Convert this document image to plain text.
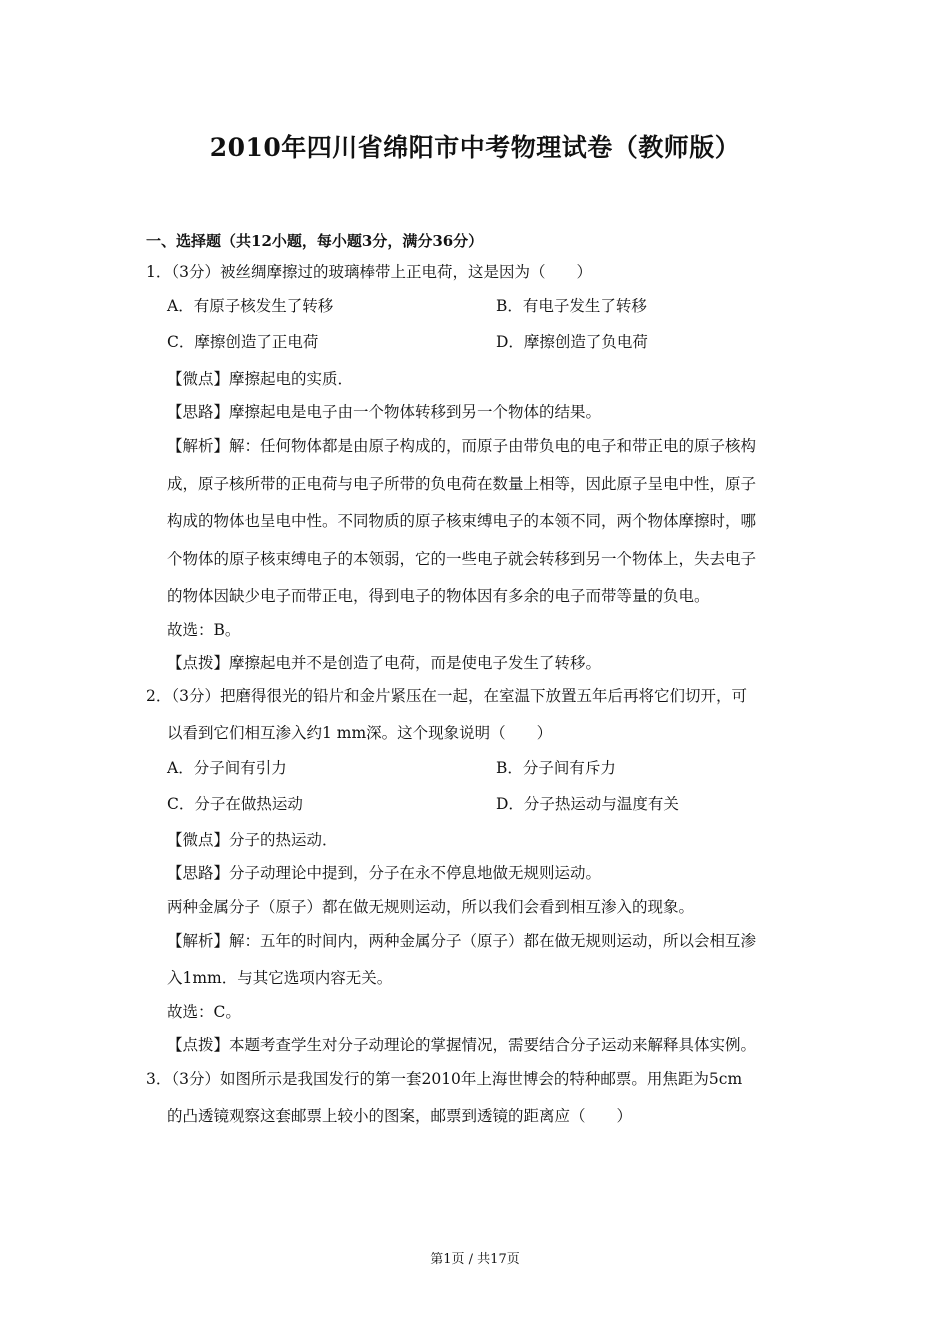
2010年四川省绵阳市中考物理试卷（教师版）
一、选择题（共12小题，每小题3分，满分36分）
1．（3分）被丝绸摩擦过的玻璃棒带上正电荷，这是因为（　　）
A．有原子核发生了转移	B．有电子发生了转移
C．摩擦创造了正电荷	D．摩擦创造了负电荷
【微点】摩擦起电的实质．
【思路】摩擦起电是电子由一个物体转移到另一个物体的结果。
【解析】解：任何物体都是由原子构成的，而原子由带负电的电子和带正电的原子核构
成，原子核所带的正电荷与电子所带的负电荷在数量上相等，因此原子呈电中性，原子
构成的物体也呈电中性。不同物质的原子核束缚电子的本领不同，两个物体摩擦时，哪
个物体的原子核束缚电子的本领弱，它的一些电子就会转移到另一个物体上，失去电子
的物体因缺少电子而带正电，得到电子的物体因有多余的电子而带等量的负电。
故选：B。
【点拨】摩擦起电并不是创造了电荷，而是使电子发生了转移。
2．（3分）把磨得很光的铅片和金片紧压在一起，在室温下放置五年后再将它们切开，可
以看到它们相互渗入约1 mm深。这个现象说明（　　）
A．分子间有引力	B．分子间有斥力
C．分子在做热运动	D．分子热运动与温度有关
【微点】分子的热运动．
【思路】分子动理论中提到，分子在永不停息地做无规则运动。
两种金属分子（原子）都在做无规则运动，所以我们会看到相互渗入的现象。
【解析】解：五年的时间内，两种金属分子（原子）都在做无规则运动，所以会相互渗
入1mm．与其它选项内容无关。
故选：C。
【点拨】本题考查学生对分子动理论的掌握情况，需要结合分子运动来解释具体实例。
3．（3分）如图所示是我国发行的第一套2010年上海世博会的特种邮票。用焦距为5cm
的凸透镜观察这套邮票上较小的图案，邮票到透镜的距离应（　　）
第1页 / 共17页
